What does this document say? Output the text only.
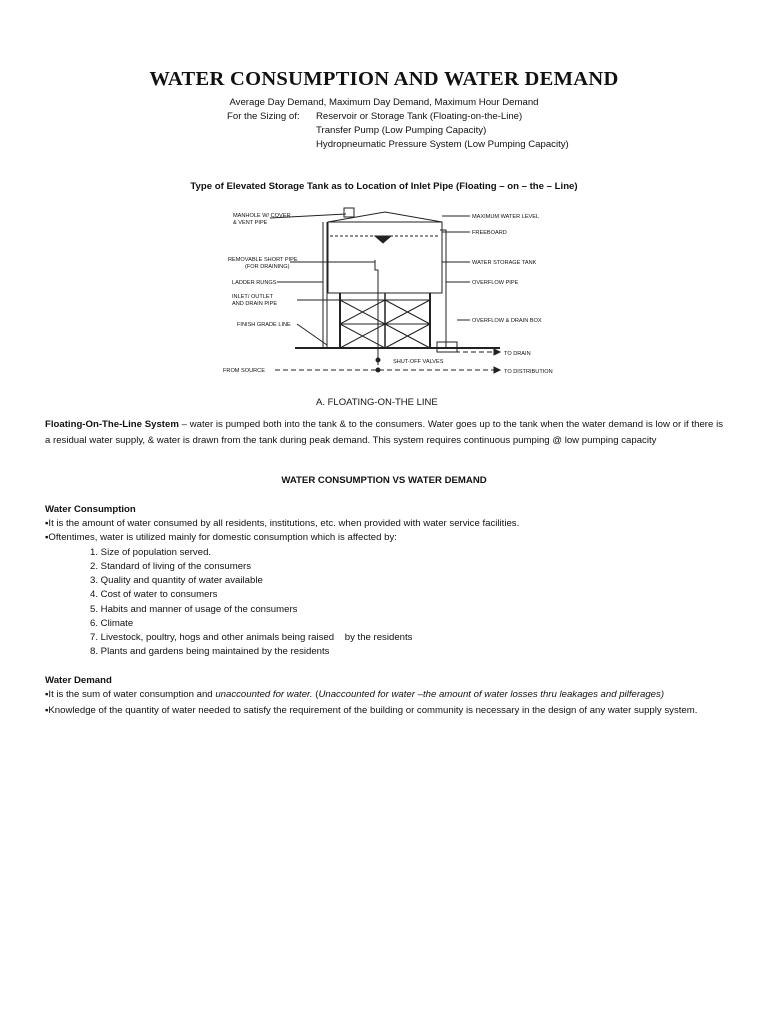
WATER CONSUMPTION AND WATER DEMAND
Average Day Demand, Maximum Day Demand, Maximum Hour Demand
For the Sizing of: Reservoir or Storage Tank (Floating-on-the-Line)
Transfer Pump (Low Pumping Capacity)
Hydropneumatic Pressure System (Low Pumping Capacity)
Type of Elevated Storage Tank as to Location of Inlet Pipe (Floating – on – the – Line)
MANHOLE W/ COVER
& VENT PIPE
REMOVABLE SHORT PIPE
(FOR DRAINING)
LADDER RUNGS
INLET/ OUTLET
AND DRAIN PIPE
FINISH GRADE LINE
FROM SOURCE
MAXIMUM WATER LEVEL
FREEBOARD
WATER STORAGE TANK
OVERFLOW PIPE
OVERFLOW & DRAIN BOX
TO DRAIN
SHUT-OFF VALVES
TO DISTRIBUTION
A. FLOATING-ON-THE LINE
Floating-On-The-Line System – water is pumped both into the tank & to the consumers. Water goes up to the tank when the water demand is low or if there is a residual water supply, & water is drawn from the tank during peak demand. This system requires continuous pumping @ low pumping capacity
WATER CONSUMPTION VS WATER DEMAND
Water Consumption
▪It is the amount of water consumed by all residents, institutions, etc. when provided with water service facilities.
▪Oftentimes, water is utilized mainly for domestic consumption which is affected by:
1. Size of population served.
2. Standard of living of the consumers
3. Quality and quantity of water available
4. Cost of water to consumers
5. Habits and manner of usage of the consumers
6. Climate
7. Livestock, poultry, hogs and other animals being raised    by the residents
8. Plants and gardens being maintained by the residents
Water Demand
▪It is the sum of water consumption and unaccounted for water. (Unaccounted for water –the amount of water losses thru leakages and pilferages)
▪Knowledge of the quantity of water needed to satisfy the requirement of the building or community is necessary in the design of any water supply system.
